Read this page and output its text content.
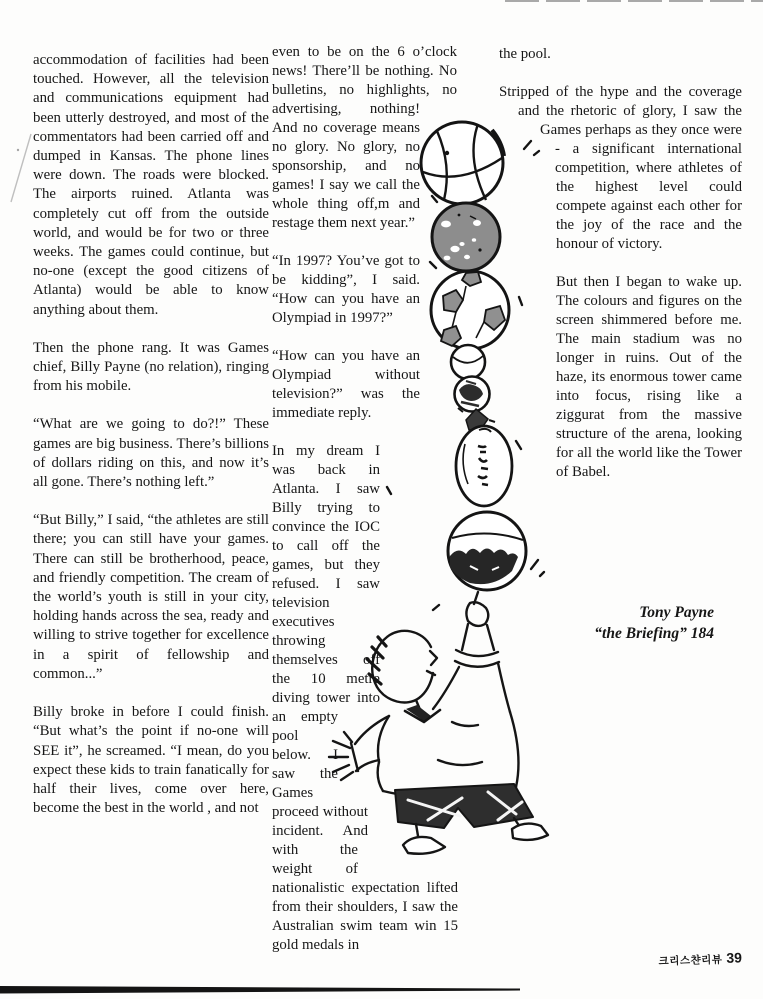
accommodation of facilities had been touched. However, all the television and communications equipment had been utterly destroyed, and most of the commentators had been carried off and dumped in Kansas. The phone lines were down. The roads were blocked. The airports ruined. Atlanta was completely cut off from the outside world, and would be for two or three weeks. The games could continue, but no-one (except the good citizens of Atlanta) would be able to know anything about them.

Then the phone rang. It was Games chief, Billy Payne (no relation), ringing from his mobile.

“What are we going to do?!” These games are big business. There’s billions of dollars riding on this, and now it’s all gone. There’s nothing left.”

“But Billy,” I said, “the athletes are still there; you can still have your games. There can still be brotherhood, peace, and friendly competition. The cream of the world’s youth is still in your city, holding hands across the sea, ready and willing to strive together for excellence in a spirit of fellowship and common...”

Billy broke in before I could finish. “But what’s the point if no-one will SEE it”, he screamed. “I mean, do you expect these kids to train fanatically for half their lives, come over here, become the best in the world , and not

even to be on the 6 o’clock news! There’ll be nothing. No bulletins, no highlights, no advertising, nothing! And no coverage means no glory. No glory, no sponsorship, and no games! I say we call the whole thing off,m and restage them next year.”

“In 1997? You’ve got to be kidding”, I said. “How can you have an Olympiad in 1997?”

“How can you have an Olympiad without television?” was the immediate reply.

In my dream I was back in Atlanta. I saw Billy trying to convince the IOC to call off the games, but they refused. I saw television executives throwing themselves off the 10 metre diving tower into an empty pool below. I saw the Games proceed without incident. And with the weight of nationalistic expectation lifted from their shoulders, I saw the Australian swim team win 15 gold medals in

the pool.

Stripped of the hype and the coverage and the rhetoric of glory, I saw the Games perhaps as they once were - a significant international competition, where athletes of the highest level could compete against each other for the joy of the race and the honour of victory.

But then I began to wake up. The colours and figures on the screen shimmered before me. The main stadium was no longer in ruins. Out of the haze, its enormous tower came into focus, rising like a ziggurat from the massive structure of the arena, looking for all the world like the Tower of Babel.

Tony Payne
“the Briefing” 184
크리스챤리뷰 39
